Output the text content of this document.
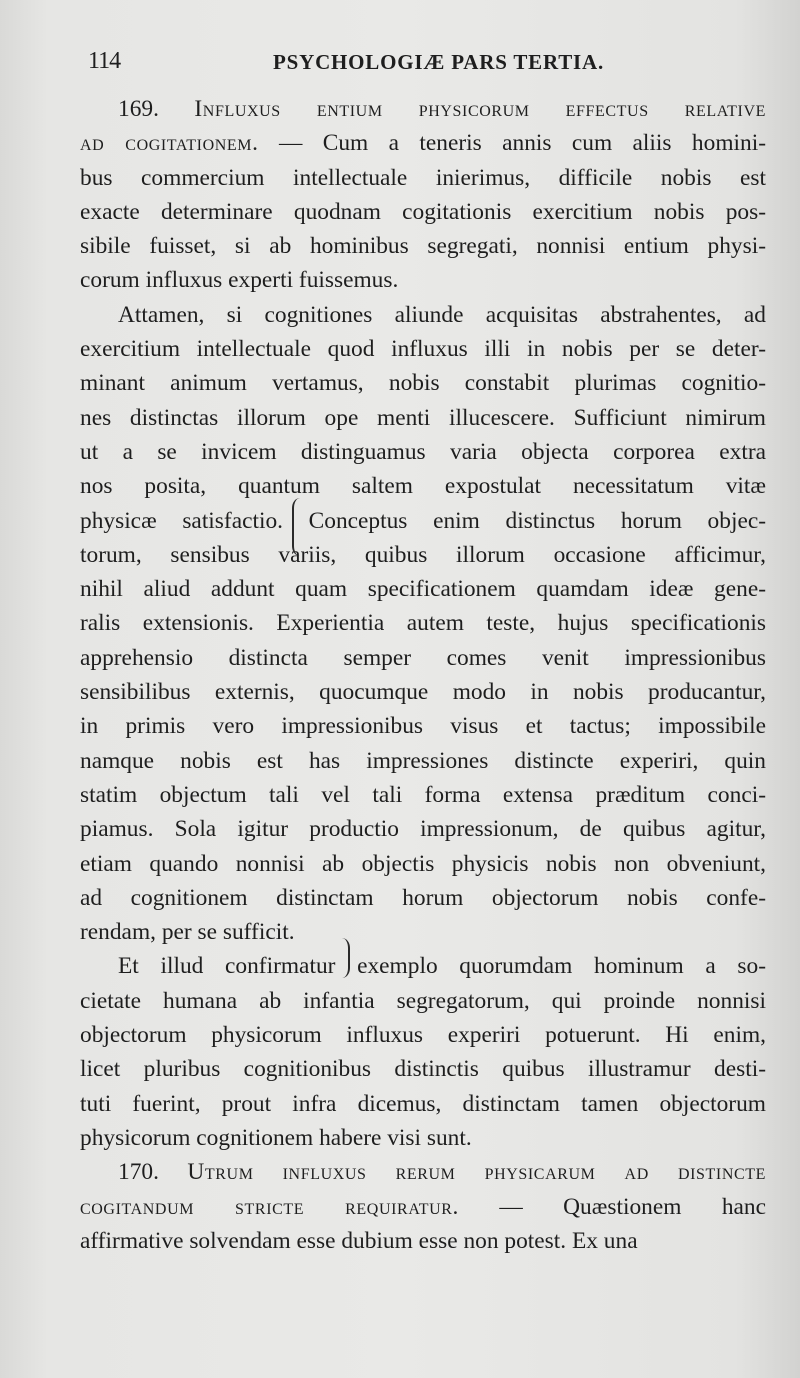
114	PSYCHOLOGIÆ PARS TERTIA.
169. Influxus entium physicorum effectus relative
ad cogitationem. — Cum a teneris annis cum aliis homini-
bus commercium intellectuale inierimus, difficile nobis est
exacte determinare quodnam cogitationis exercitium nobis pos-
sibile fuisset, si ab hominibus segregati, nonnisi entium physi-
corum influxus experti fuissemus.
Attamen, si cognitiones aliunde acquisitas abstrahentes, ad
exercitium intellectuale quod influxus illi in nobis per se deter-
minant animum vertamus, nobis constabit plurimas cognitio-
nes distinctas illorum ope menti illucescere. Sufficiunt nimirum
ut a se invicem distinguamus varia objecta corporea extra
nos posita, quantum saltem expostulat necessitatum vitæ
physicæ satisfactio. Conceptus enim distinctus horum objec-
torum, sensibus variis, quibus illorum occasione afficimur,
nihil aliud addunt quam specificationem quamdam ideæ gene-
ralis extensionis. Experientia autem teste, hujus specificationis
apprehensio distincta semper comes venit impressionibus
sensibilibus externis, quocumque modo in nobis producantur,
in primis vero impressionibus visus et tactus; impossibile
namque nobis est has impressiones distincte experiri, quin
statim objectum tali vel tali forma extensa præditum conci-
piamus. Sola igitur productio impressionum, de quibus agitur,
etiam quando nonnisi ab objectis physicis nobis non obveniunt,
ad cognitionem distinctam horum objectorum nobis confe-
rendam, per se sufficit.
Et illud confirmatur exemplo quorumdam hominum a so-
cietate humana ab infantia segregatorum, qui proinde nonnisi
objectorum physicorum influxus experiri potuerunt. Hi enim,
licet pluribus cognitionibus distinctis quibus illustramur desti-
tuti fuerint, prout infra dicemus, distinctam tamen objectorum
physicorum cognitionem habere visi sunt.
170. Utrum influxus rerum physicarum ad distincte
cogitandum stricte requiratur. — Quæstionem hanc
affirmative solvendam esse dubium esse non potest. Ex una
